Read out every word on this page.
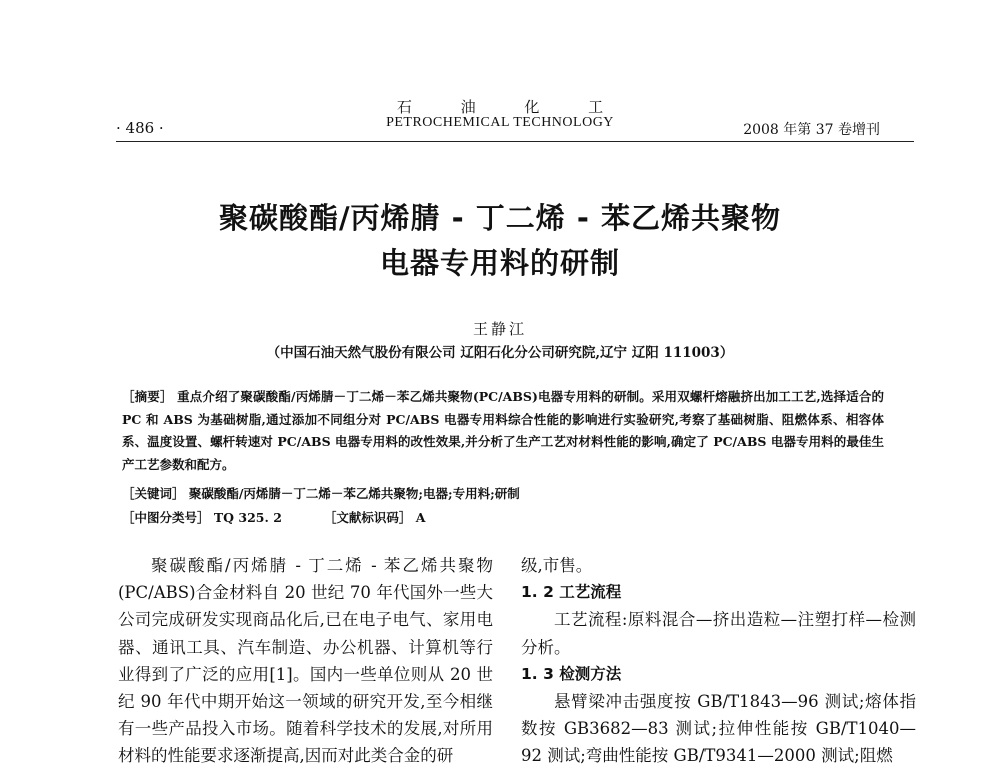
石 油 化 工
· 486 ·	PETROCHEMICAL TECHNOLOGY	2008 年第 37 卷增刊
聚碳酸酯/丙烯腈 - 丁二烯 - 苯乙烯共聚物
电器专用料的研制
王静江
（中国石油天然气股份有限公司 辽阳石化分公司研究院,辽宁 辽阳 111003）

［摘要］ 重点介绍了聚碳酸酯/丙烯腈－丁二烯－苯乙烯共聚物(PC/ABS)电器专用料的研制。采用双螺杆熔融挤出加工工艺,选择适合的 PC 和 ABS 为基础树脂,通过添加不同组分对 PC/ABS 电器专用料综合性能的影响进行实验研究,考察了基础树脂、阻燃体系、相容体系、温度设置、螺杆转速对 PC/ABS 电器专用料的改性效果,并分析了生产工艺对材料性能的影响,确定了 PC/ABS 电器专用料的最佳生产工艺参数和配方。

［关键词］ 聚碳酸酯/丙烯腈－丁二烯－苯乙烯共聚物;电器;专用料;研制
［中图分类号］ TQ 325. 2	［文献标识码］ A

聚碳酸酯/丙烯腈 - 丁二烯 - 苯乙烯共聚物(PC/ABS)合金材料自 20 世纪 70 年代国外一些大公司完成研发实现商品化后,已在电子电气、家用电器、通讯工具、汽车制造、办公机器、计算机等行业得到了广泛的应用[1]。国内一些单位则从 20 世纪 90 年代中期开始这一领域的研究开发,至今相继有一些产品投入市场。随着科学技术的发展,对所用材料的性能要求逐渐提高,因而对此类合金的研

级,市售。

1. 2 工艺流程

工艺流程:原料混合—挤出造粒—注塑打样—检测分析。

1. 3 检测方法

悬臂梁冲击强度按 GB/T1843—96 测试;熔体指数按 GB3682—83 测试;拉伸性能按 GB/T1040—92 测试;弯曲性能按 GB/T9341—2000 测试;阻燃
